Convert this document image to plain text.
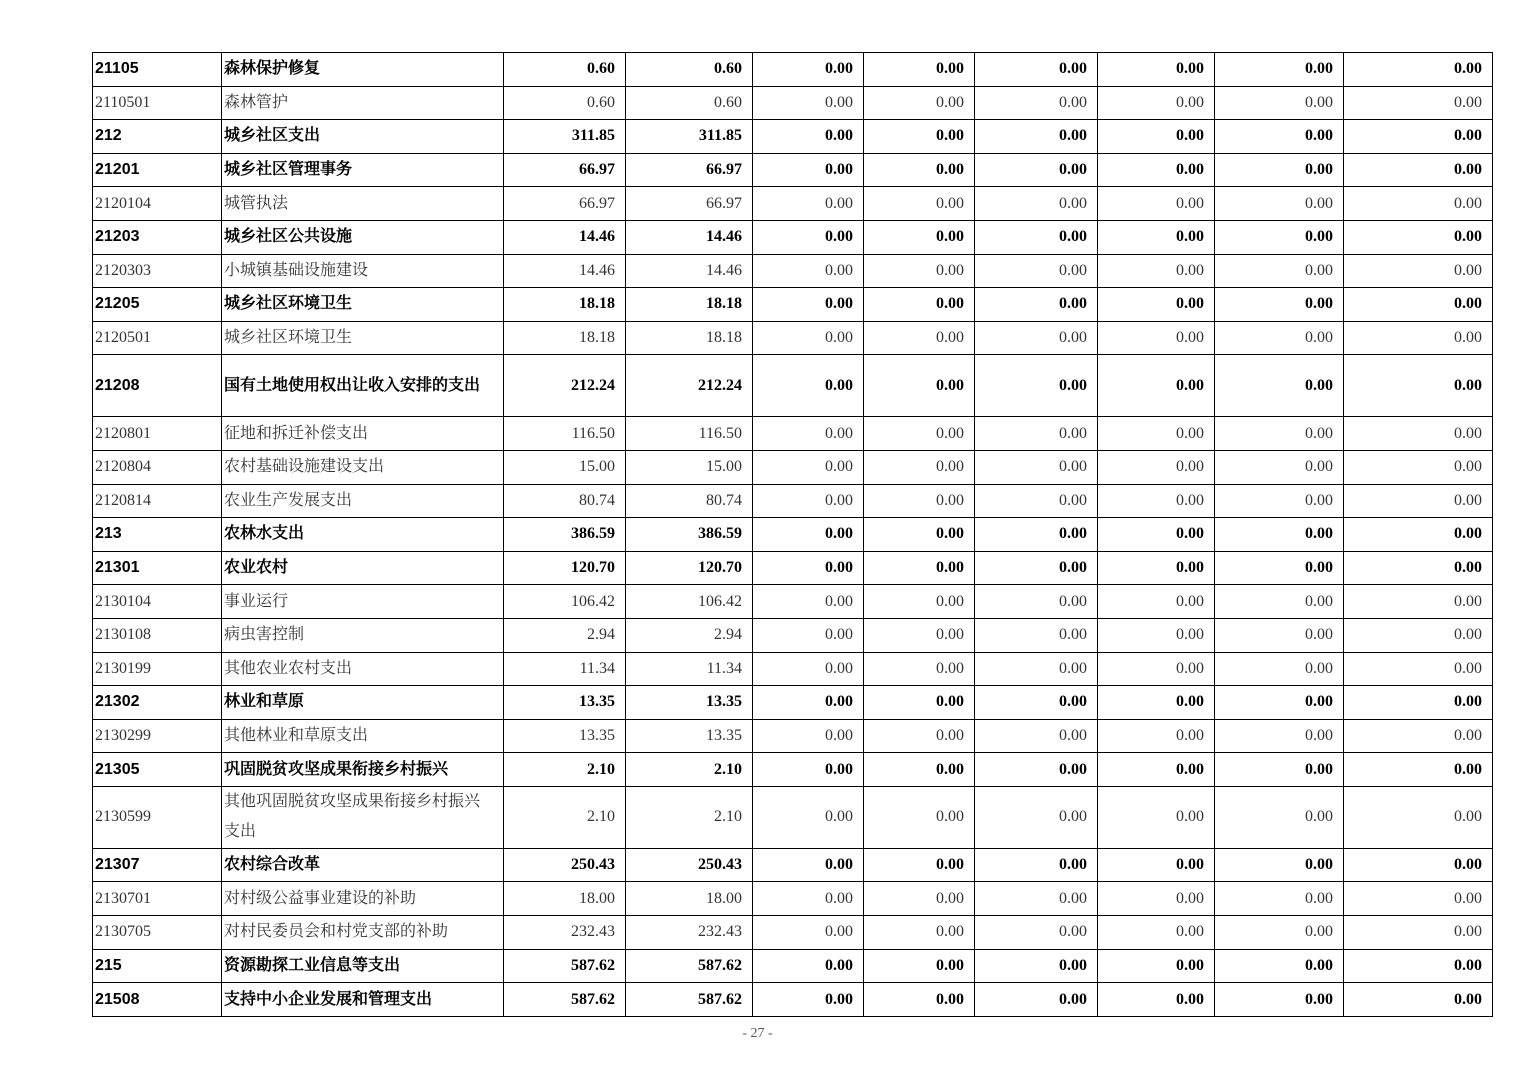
21105	森林保护修复	0.60	0.60	0.00	0.00	0.00	0.00	0.00	0.00
2110501	森林管护	0.60	0.60	0.00	0.00	0.00	0.00	0.00	0.00
212	城乡社区支出	311.85	311.85	0.00	0.00	0.00	0.00	0.00	0.00
21201	城乡社区管理事务	66.97	66.97	0.00	0.00	0.00	0.00	0.00	0.00
2120104	城管执法	66.97	66.97	0.00	0.00	0.00	0.00	0.00	0.00
21203	城乡社区公共设施	14.46	14.46	0.00	0.00	0.00	0.00	0.00	0.00
2120303	小城镇基础设施建设	14.46	14.46	0.00	0.00	0.00	0.00	0.00	0.00
21205	城乡社区环境卫生	18.18	18.18	0.00	0.00	0.00	0.00	0.00	0.00
2120501	城乡社区环境卫生	18.18	18.18	0.00	0.00	0.00	0.00	0.00	0.00
21208	国有土地使用权出让收入安排的支出	212.24	212.24	0.00	0.00	0.00	0.00	0.00	0.00
2120801	征地和拆迁补偿支出	116.50	116.50	0.00	0.00	0.00	0.00	0.00	0.00
2120804	农村基础设施建设支出	15.00	15.00	0.00	0.00	0.00	0.00	0.00	0.00
2120814	农业生产发展支出	80.74	80.74	0.00	0.00	0.00	0.00	0.00	0.00
213	农林水支出	386.59	386.59	0.00	0.00	0.00	0.00	0.00	0.00
21301	农业农村	120.70	120.70	0.00	0.00	0.00	0.00	0.00	0.00
2130104	事业运行	106.42	106.42	0.00	0.00	0.00	0.00	0.00	0.00
2130108	病虫害控制	2.94	2.94	0.00	0.00	0.00	0.00	0.00	0.00
2130199	其他农业农村支出	11.34	11.34	0.00	0.00	0.00	0.00	0.00	0.00
21302	林业和草原	13.35	13.35	0.00	0.00	0.00	0.00	0.00	0.00
2130299	其他林业和草原支出	13.35	13.35	0.00	0.00	0.00	0.00	0.00	0.00
21305	巩固脱贫攻坚成果衔接乡村振兴	2.10	2.10	0.00	0.00	0.00	0.00	0.00	0.00
2130599	其他巩固脱贫攻坚成果衔接乡村振兴支出	2.10	2.10	0.00	0.00	0.00	0.00	0.00	0.00
21307	农村综合改革	250.43	250.43	0.00	0.00	0.00	0.00	0.00	0.00
2130701	对村级公益事业建设的补助	18.00	18.00	0.00	0.00	0.00	0.00	0.00	0.00
2130705	对村民委员会和村党支部的补助	232.43	232.43	0.00	0.00	0.00	0.00	0.00	0.00
215	资源勘探工业信息等支出	587.62	587.62	0.00	0.00	0.00	0.00	0.00	0.00
21508	支持中小企业发展和管理支出	587.62	587.62	0.00	0.00	0.00	0.00	0.00	0.00
- 27 -
